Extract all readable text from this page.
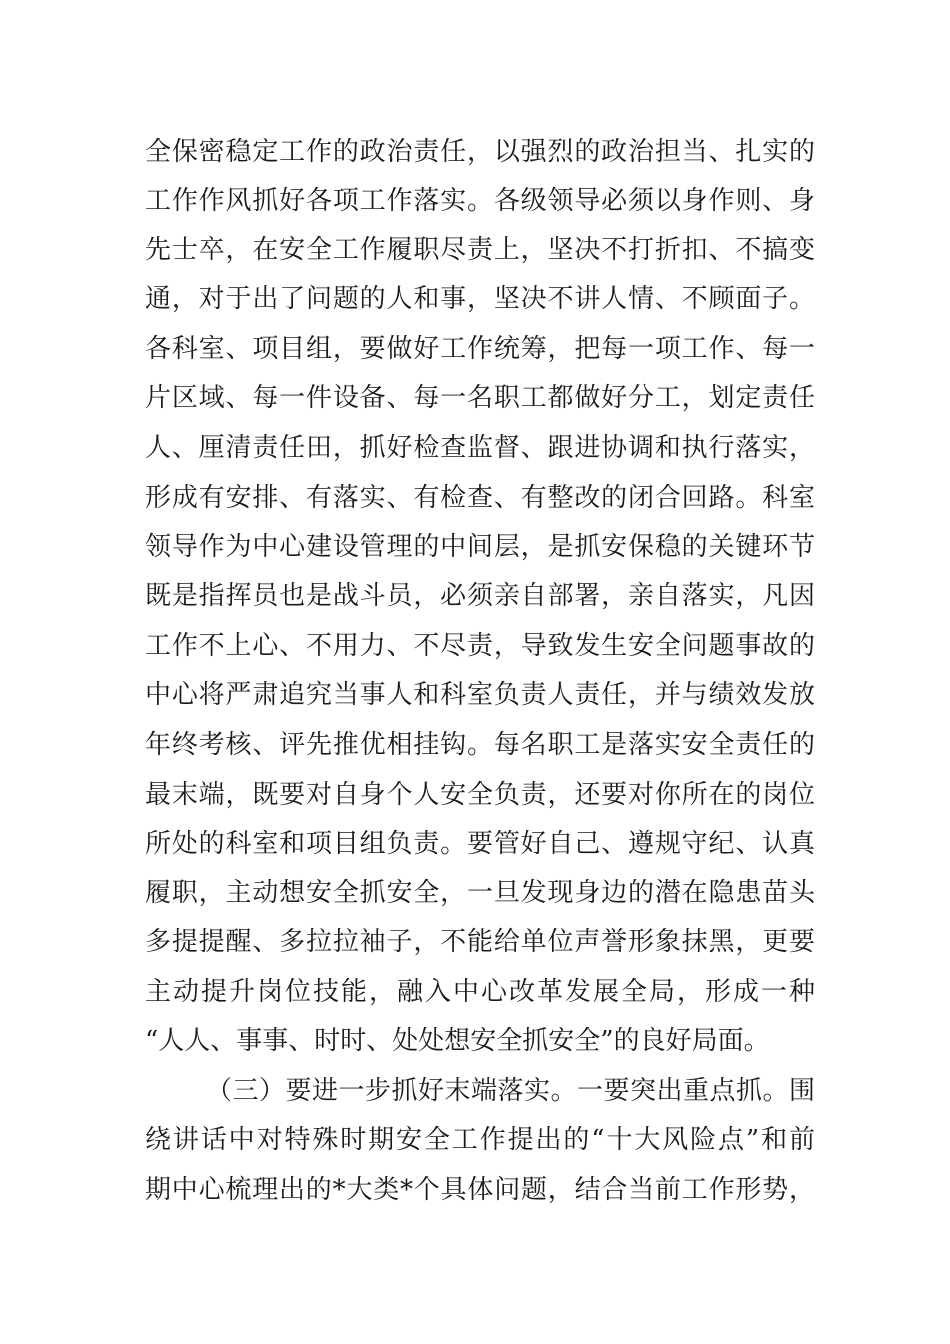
全保密稳定工作的政治责任，以强烈的政治担当、扎实的
工作作风抓好各项工作落实。各级领导必须以身作则、身
先士卒，在安全工作履职尽责上，坚决不打折扣、不搞变
通，对于出了问题的人和事，坚决不讲人情、不顾面子。
各科室、项目组，要做好工作统筹，把每一项工作、每一
片区域、每一件设备、每一名职工都做好分工，划定责任
人、厘清责任田，抓好检查监督、跟进协调和执行落实，
形成有安排、有落实、有检查、有整改的闭合回路。科室
领导作为中心建设管理的中间层，是抓安保稳的关键环节
既是指挥员也是战斗员，必须亲自部署，亲自落实，凡因
工作不上心、不用力、不尽责，导致发生安全问题事故的
中心将严肃追究当事人和科室负责人责任，并与绩效发放
年终考核、评先推优相挂钩。每名职工是落实安全责任的
最末端，既要对自身个人安全负责，还要对你所在的岗位
所处的科室和项目组负责。要管好自己、遵规守纪、认真
履职，主动想安全抓安全，一旦发现身边的潜在隐患苗头
多提提醒、多拉拉袖子，不能给单位声誉形象抹黑，更要
主动提升岗位技能，融入中心改革发展全局，形成一种
“人人、事事、时时、处处想安全抓安全”的良好局面。
（三）要进一步抓好末端落实。一要突出重点抓。围
绕讲话中对特殊时期安全工作提出的“十大风险点”和前
期中心梳理出的*大类*个具体问题，结合当前工作形势，
